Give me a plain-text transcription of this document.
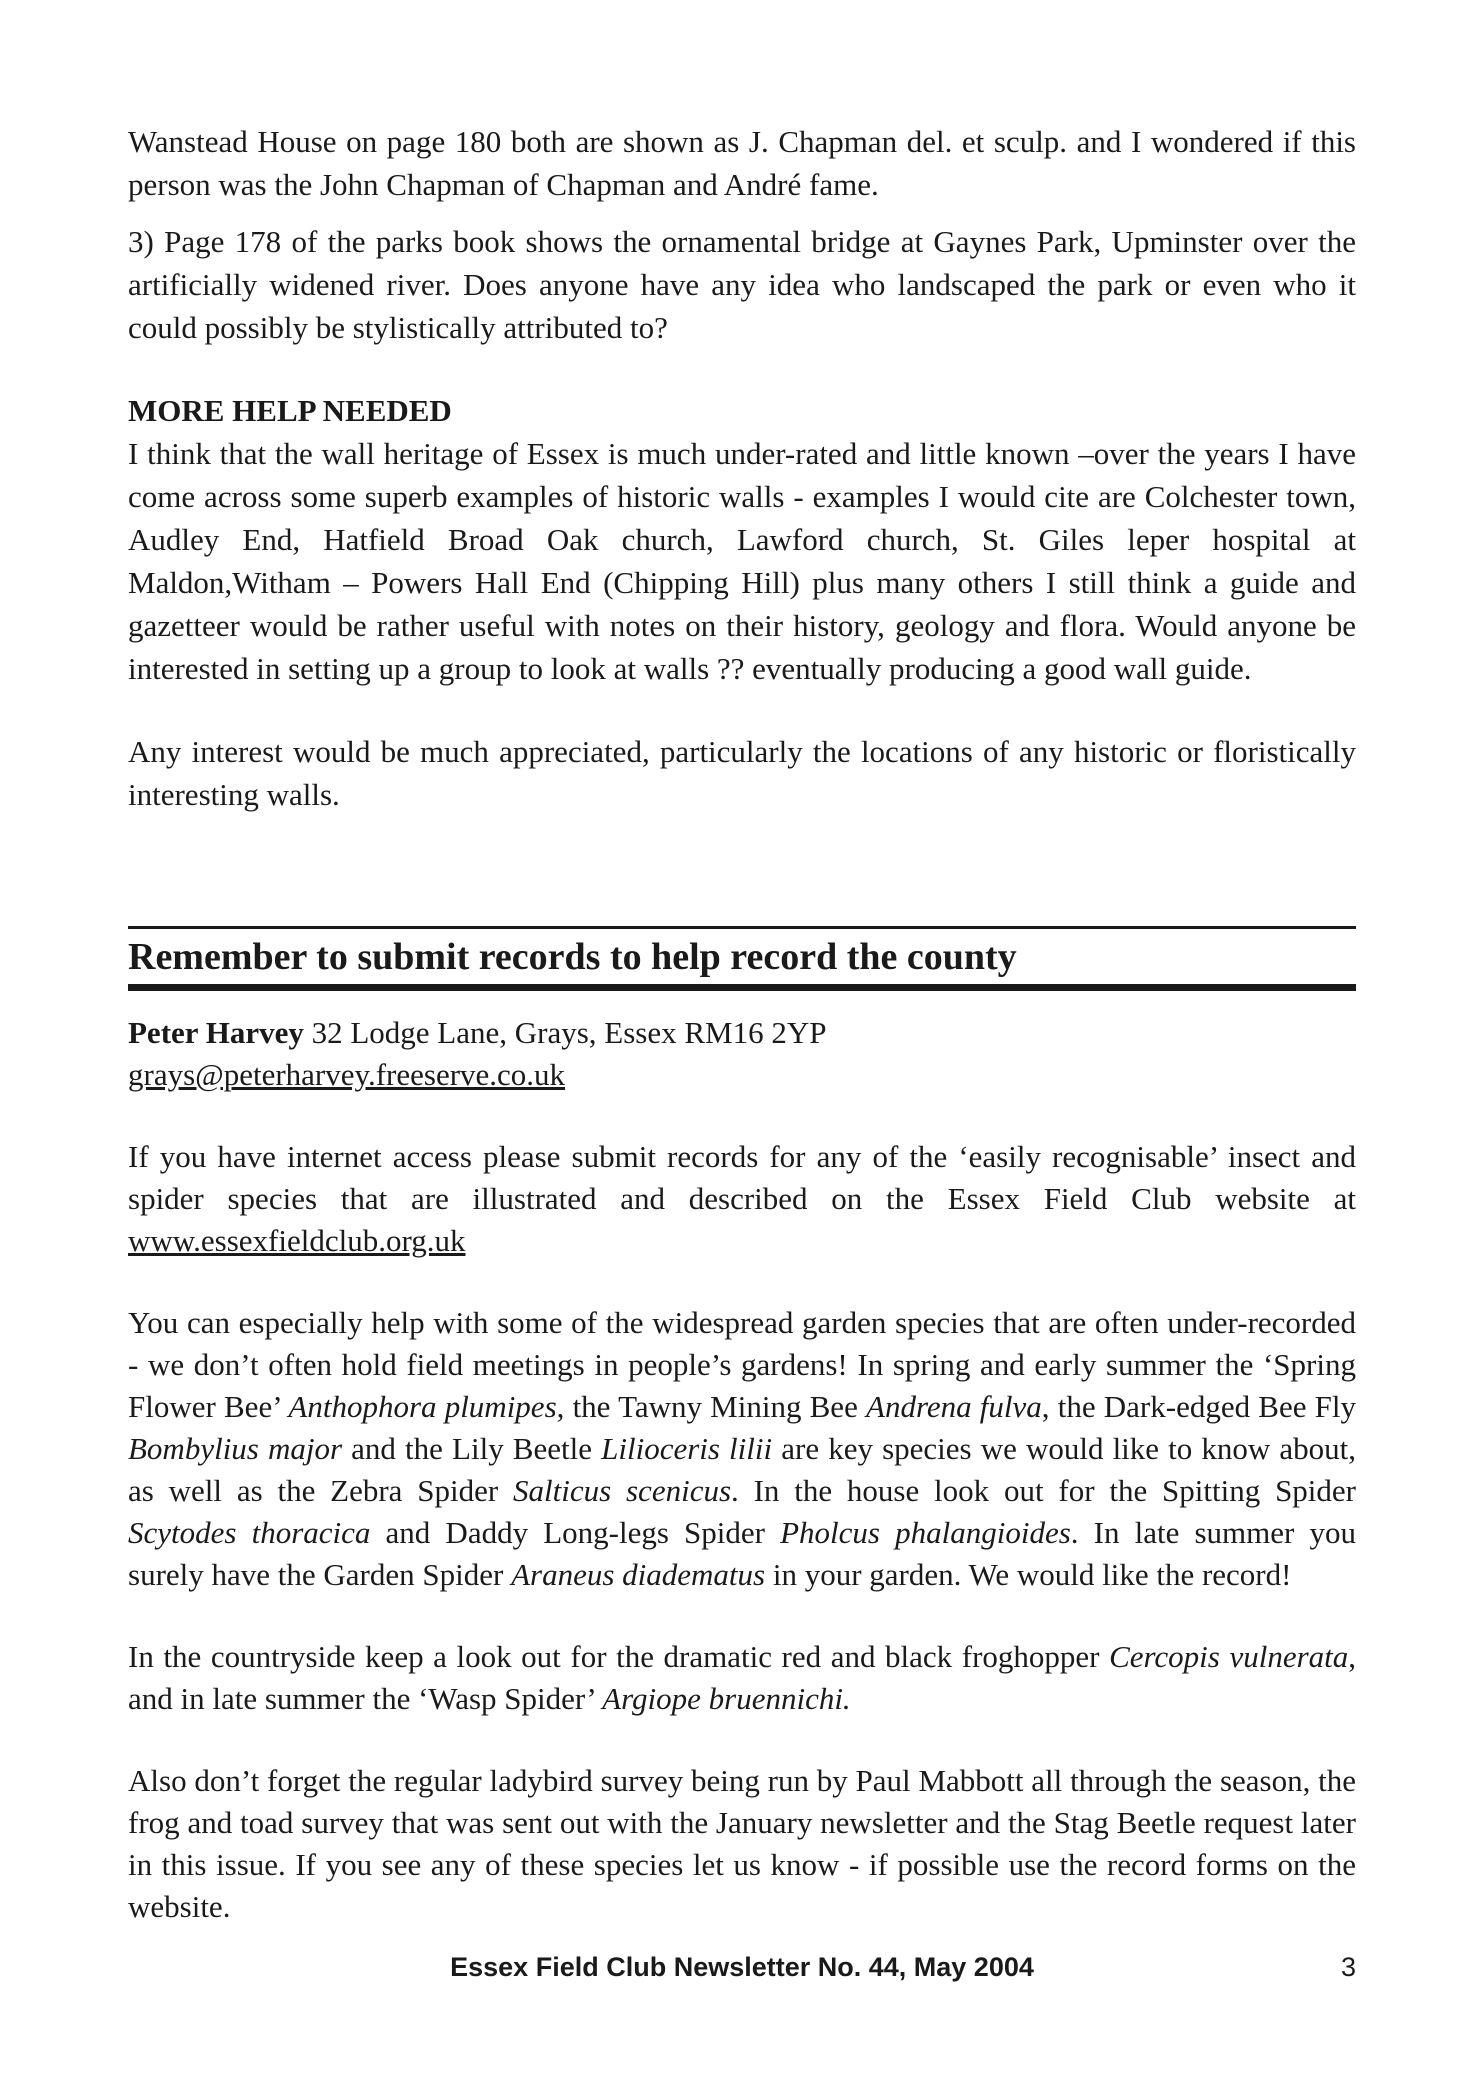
Wanstead House on page 180 both are shown as J. Chapman del. et sculp. and I wondered if this person was the John Chapman of Chapman and André fame.

3) Page 178 of the parks book shows the ornamental bridge at Gaynes Park, Upminster over the artificially widened river. Does anyone have any idea who landscaped the park or even who it could possibly be stylistically attributed to?

MORE HELP NEEDED

I think that the wall heritage of Essex is much under-rated and little known –over the years I have come across some superb examples of historic walls - examples I would cite are Colchester town, Audley End, Hatfield Broad Oak church, Lawford church, St. Giles leper hospital at Maldon,Witham – Powers Hall End (Chipping Hill) plus many others I still think a guide and gazetteer would be rather useful with notes on their history, geology and flora. Would anyone be interested in setting up a group to look at walls ?? eventually producing a good wall guide.

Any interest would be much appreciated, particularly the locations of any historic or floristically interesting walls.

Remember to submit records to help record the county

Peter Harvey 32 Lodge Lane, Grays, Essex RM16 2YP

grays@peterharvey.freeserve.co.uk

If you have internet access please submit records for any of the ‘easily recognisable’ insect and spider species that are illustrated and described on the Essex Field Club website at www.essexfieldclub.org.uk

You can especially help with some of the widespread garden species that are often under-recorded - we don’t often hold field meetings in people’s gardens! In spring and early summer the ‘Spring Flower Bee’ Anthophora plumipes, the Tawny Mining Bee Andrena fulva, the Dark-edged Bee Fly Bombylius major and the Lily Beetle Lilioceris lilii are key species we would like to know about, as well as the Zebra Spider Salticus scenicus. In the house look out for the Spitting Spider Scytodes thoracica and Daddy Long-legs Spider Pholcus phalangioides. In late summer you surely have the Garden Spider Araneus diadematus in your garden. We would like the record!

In the countryside keep a look out for the dramatic red and black froghopper Cercopis vulnerata, and in late summer the ‘Wasp Spider’ Argiope bruennichi.

Also don’t forget the regular ladybird survey being run by Paul Mabbott all through the season, the frog and toad survey that was sent out with the January newsletter and the Stag Beetle request later in this issue. If you see any of these species let us know - if possible use the record forms on the website.

Essex Field Club Newsletter No. 44, May 2004	3
